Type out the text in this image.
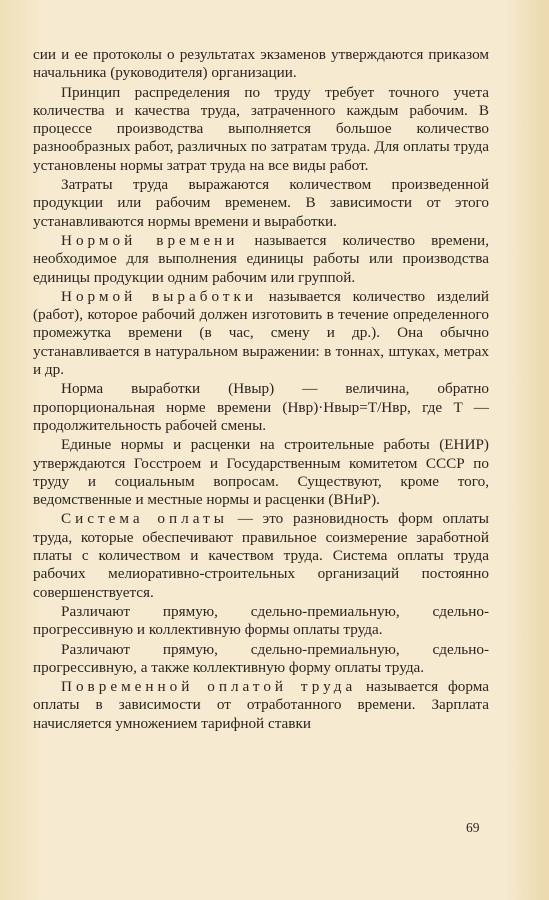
сии и ее протоколы о результатах экзаменов утверждаются приказом начальника (руководителя) организации.

Принцип распределения по труду требует точного учета количества и качества труда, затраченного каждым рабочим. В процессе производства выполняется большое количество разнообразных работ, различных по затратам труда. Для оплаты труда установлены нормы затрат труда на все виды работ.

Затраты труда выражаются количеством произведенной продукции или рабочим временем. В зависимости от этого устанавливаются нормы времени и выработки.

Нормой времени называется количество времени, необходимое для выполнения единицы работы или производства единицы продукции одним рабочим или группой.

Нормой выработки называется количество изделий (работ), которое рабочий должен изготовить в течение определенного промежутка времени (в час, смену и др.). Она обычно устанавливается в натуральном выражении: в тоннах, штуках, метрах и др.

Норма выработки (Hвыр) — величина, обратно пропорциональная норме времени (Hвр)·Hвыр=T/Hвр, где T — продолжительность рабочей смены.

Единые нормы и расценки на строительные работы (ЕНИР) утверждаются Госстроем и Государственным комитетом СССР по труду и социальным вопросам. Существуют, кроме того, ведомственные и местные нормы и расценки (ВНиР).

Система оплаты — это разновидность форм оплаты труда, которые обеспечивают правильное соизмерение заработной платы с количеством и качеством труда. Система оплаты труда рабочих мелиоративно-строительных организаций постоянно совершенствуется.

Различают прямую, сдельно-премиальную, сдельно-прогрессивную и коллективную формы оплаты труда.

Различают прямую, сдельно-премиальную, сдельно-прогрессивную, а также коллективную форму оплаты труда.

Повременной оплатой труда называется форма оплаты в зависимости от отработанного времени. Зарплата начисляется умножением тарифной ставки

69
